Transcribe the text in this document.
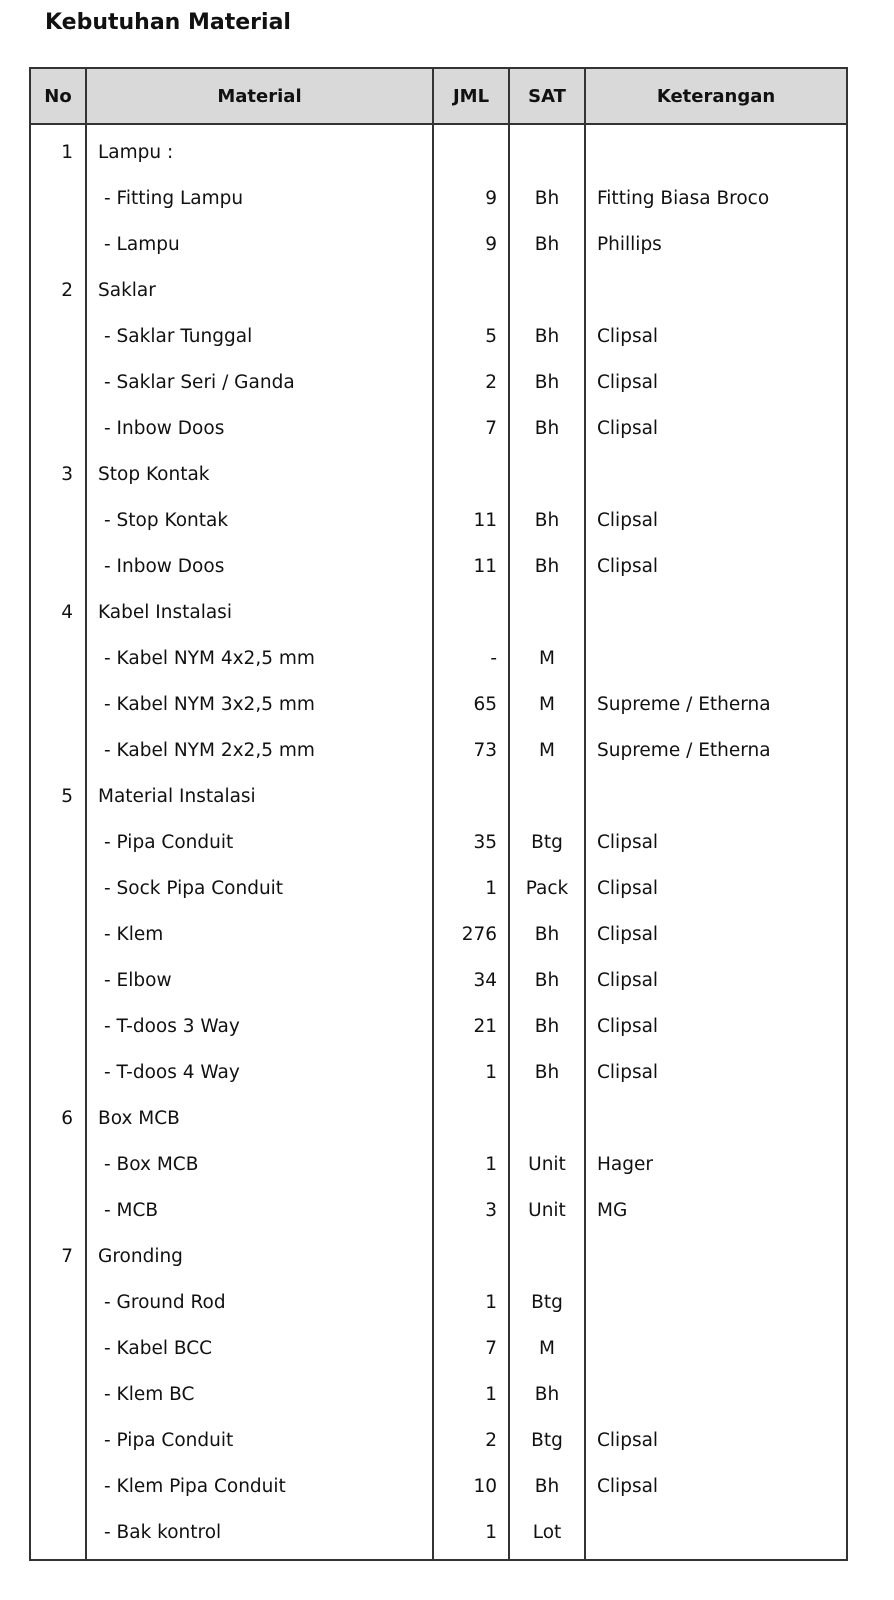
Kebutuhan Material
No	Material	JML	SAT	Keterangan
1	Lampu :			
	- Fitting Lampu	9	Bh	Fitting Biasa Broco
	- Lampu	9	Bh	Phillips
2	Saklar			
	- Saklar Tunggal	5	Bh	Clipsal
	- Saklar Seri / Ganda	2	Bh	Clipsal
	- Inbow Doos	7	Bh	Clipsal
3	Stop Kontak			
	- Stop Kontak	11	Bh	Clipsal
	- Inbow Doos	11	Bh	Clipsal
4	Kabel Instalasi			
	- Kabel NYM 4x2,5 mm	-	M	
	- Kabel NYM 3x2,5 mm	65	M	Supreme / Etherna
	- Kabel NYM 2x2,5 mm	73	M	Supreme / Etherna
5	Material Instalasi			
	- Pipa Conduit	35	Btg	Clipsal
	- Sock Pipa Conduit	1	Pack	Clipsal
	- Klem	276	Bh	Clipsal
	- Elbow	34	Bh	Clipsal
	- T-doos 3 Way	21	Bh	Clipsal
	- T-doos 4 Way	1	Bh	Clipsal
6	Box MCB			
	- Box MCB	1	Unit	Hager
	- MCB	3	Unit	MG
7	Gronding			
	- Ground Rod	1	Btg	
	- Kabel BCC	7	M	
	- Klem BC	1	Bh	
	- Pipa Conduit	2	Btg	Clipsal
	- Klem Pipa Conduit	10	Bh	Clipsal
	- Bak kontrol	1	Lot	
